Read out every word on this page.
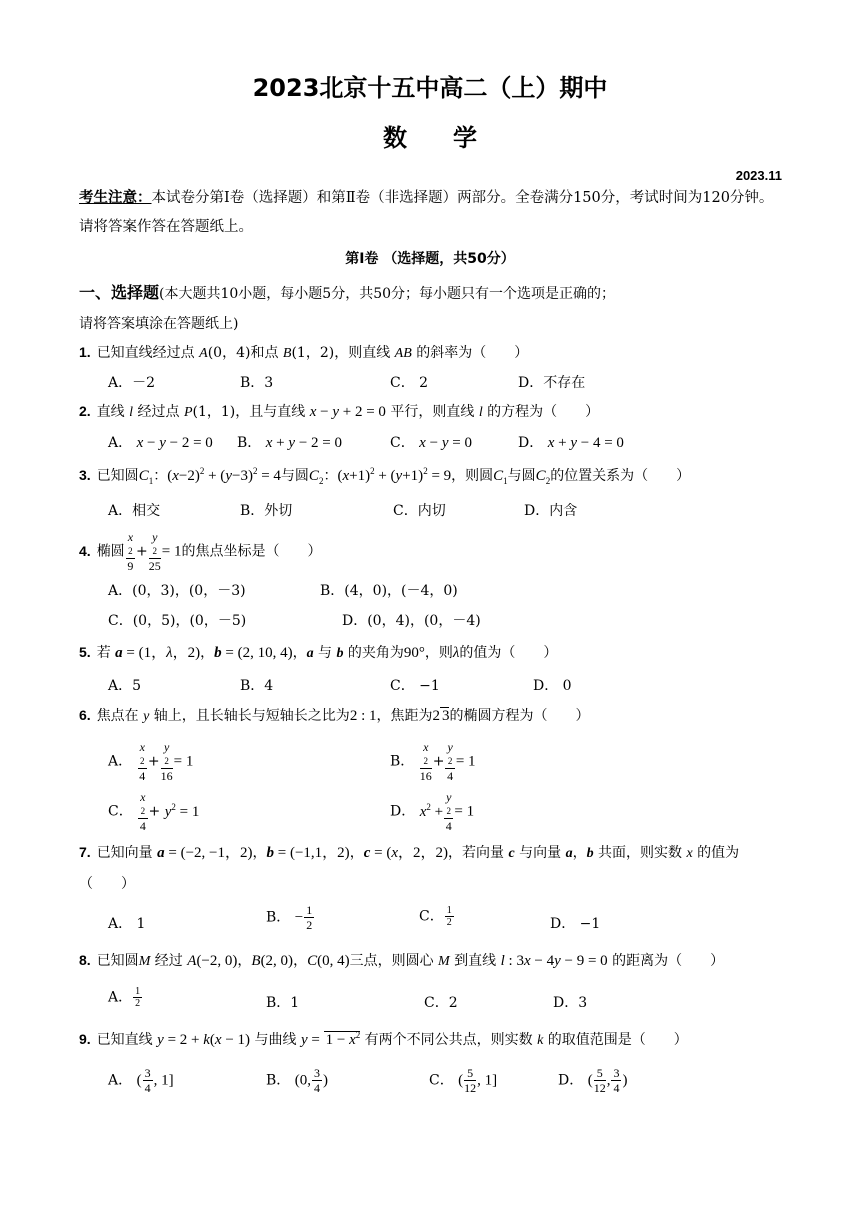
2023北京十五中高二（上）期中
数学
2023.11
考生注意：本试卷分第Ⅰ卷（选择题）和第Ⅱ卷（非选择题）两部分。全卷满分150分，考试时间为120分钟。请将答案作答在答题纸上。
第Ⅰ卷 （选择题，共50分）
一、选择题(本大题共10小题，每小题5分，共50分；每小题只有一个选项是正确的；
请将答案填涂在答题纸上)
1. 已知直线经过点 A(0，4)和点 B(1，2)，则直线 AB 的斜率为（　　）
A．－2	B．3	C． 2	D．不存在
2. 直线 l 经过点 P(1，1)，且与直线 x − y + 2 = 0 平行，则直线 l 的方程为（　　）
A． x − y − 2 = 0 B． x + y − 2 = 0	C． x − y = 0	D． x + y − 4 = 0
3. 已知圆$C_1$：$(x-2)^2 + (y-3)^2 = 4$与圆$C_2$：$(x+1)^2 + (y+1)^2 = 9$，则圆$C_1$与圆$C_2$的位置关系为（　　）
A．相交	B．外切	C．内切	D．内含
4. 椭圆 x
2
9 + y
2
25 = 1的焦点坐标是（　　）
A．(0，3)，(0，－3)	B．(4，0)，(－4，0)
C．(0，5)，(0，－5)	D．(0，4)，(0，－4)
5. 若 a = (1，λ，2)，b = (2, 10, 4)，a 与 b 的夹角为90°，则λ的值为（　　）
A．5	B．4	C． −1	D． 0
6. 焦点在 y 轴上，且长轴长与短轴长之比为2 : 1，焦距为2 3的椭圆方程为（　　）
A． x
2
4 + y
2
16 = 1	B． x
2
16 + y
2
4 = 1
C． x
2
$4 + y^2 = 1$	D． $x^2 + y$
2
4 = 1
7. 已知向量 a = (−2, −1，2)，b = (−1,1，2)，c = (x，2，2)，若向量 c 与向量 a，b 共面，则实数 x 的值为
（　　）
A． 1	B． − $\frac{1}{2}$	C． $\frac{1}{2}$	D． −1
8. 已知圆M 经过 A(−2, 0)，B(2, 0)，C(0, 4)三点，则圆心 M 到直线 l : 3x − 4y − 9 = 0 的距离为（　　）
A． $\frac{1}{2}$	B．1	C．2	D．3
9. 已知直线 y = 2 + k(x − 1) 与曲线 $y = 1 - x^2$ 有两个不同公共点，则实数 k 的取值范围是（　　）
A． ( $\frac{3}{4}$ , 1]	B． (0, $\frac{3}{4}$ )	C． ( $\frac{5}{12}$ , 1]	D． ( $\frac{5}{12}$ , $\frac{3}{4}$ )
